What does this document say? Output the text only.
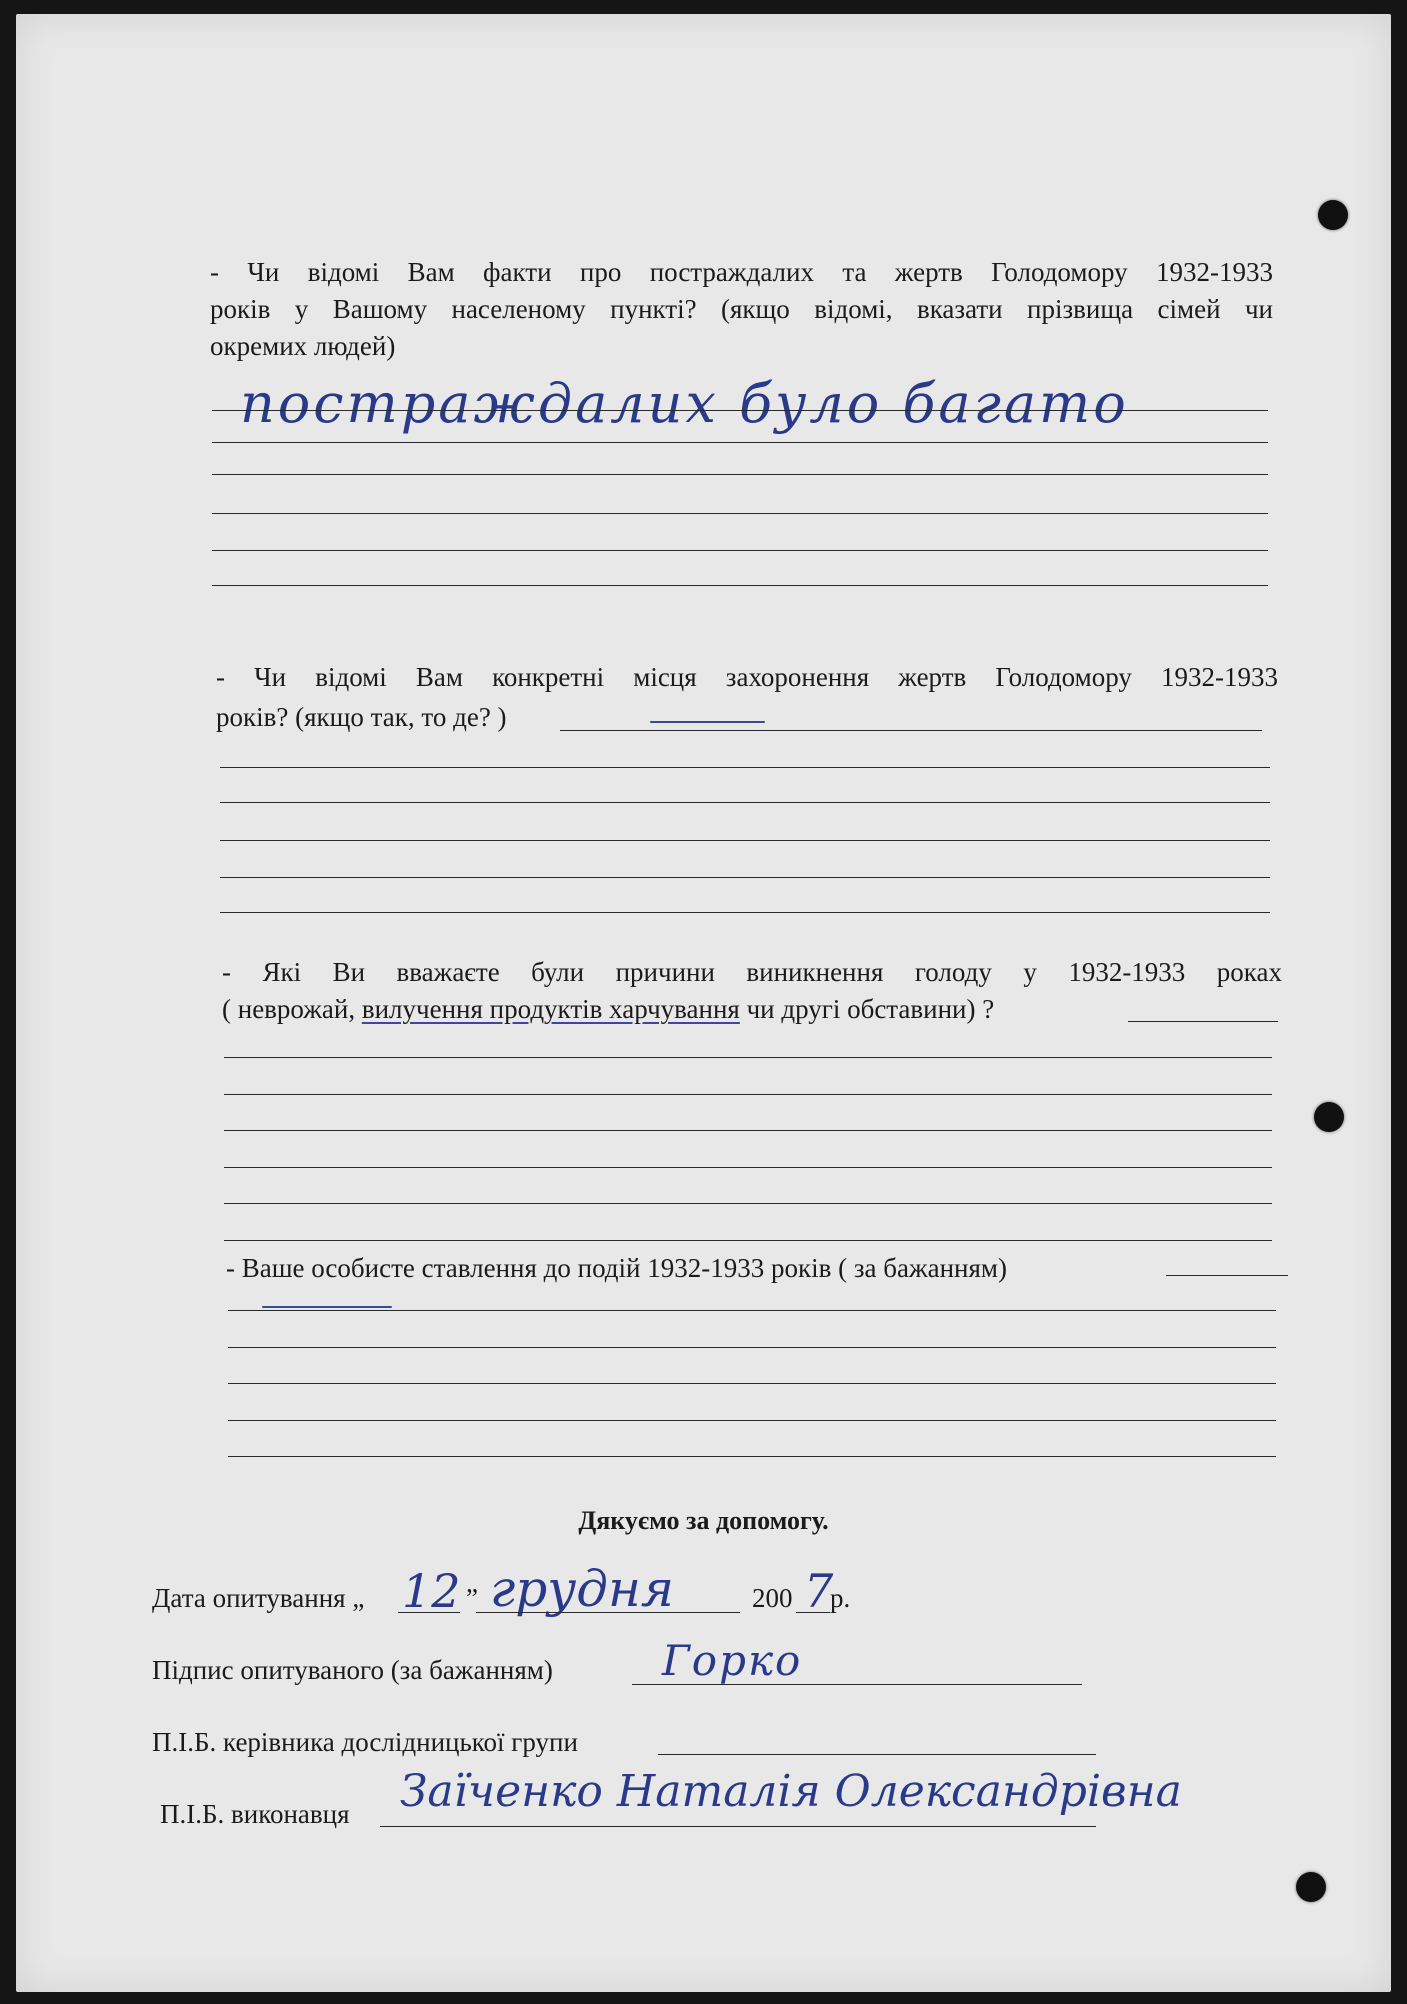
- Чи відомі Вам факти про постраждалих та жертв Голодомору 1932-1933

років у Вашому населеному пункті? (якщо відомі, вказати прізвища сімей чи

окремих людей)

постраждалих було багато

- Чи відомі Вам конкретні місця захоронення жертв Голодомору 1932-1933

років? (якщо так, то де? )

- Які Ви вважаєте були причини виникнення голоду у 1932-1933 роках

( неврожай, вилучення продуктів харчування чи другі обставини) ?

- Ваше особисте ставлення до подій 1932-1933 років ( за бажанням)

Дякуємо за допомогу.
Дата опитування „ 12 ” грудня	200 7
р.
Підпис опитуваного (за бажанням)	Горко
П.І.Б. керівника дослідницької групи
П.І.Б. виконавця Заїченко Наталія Олександрівна
